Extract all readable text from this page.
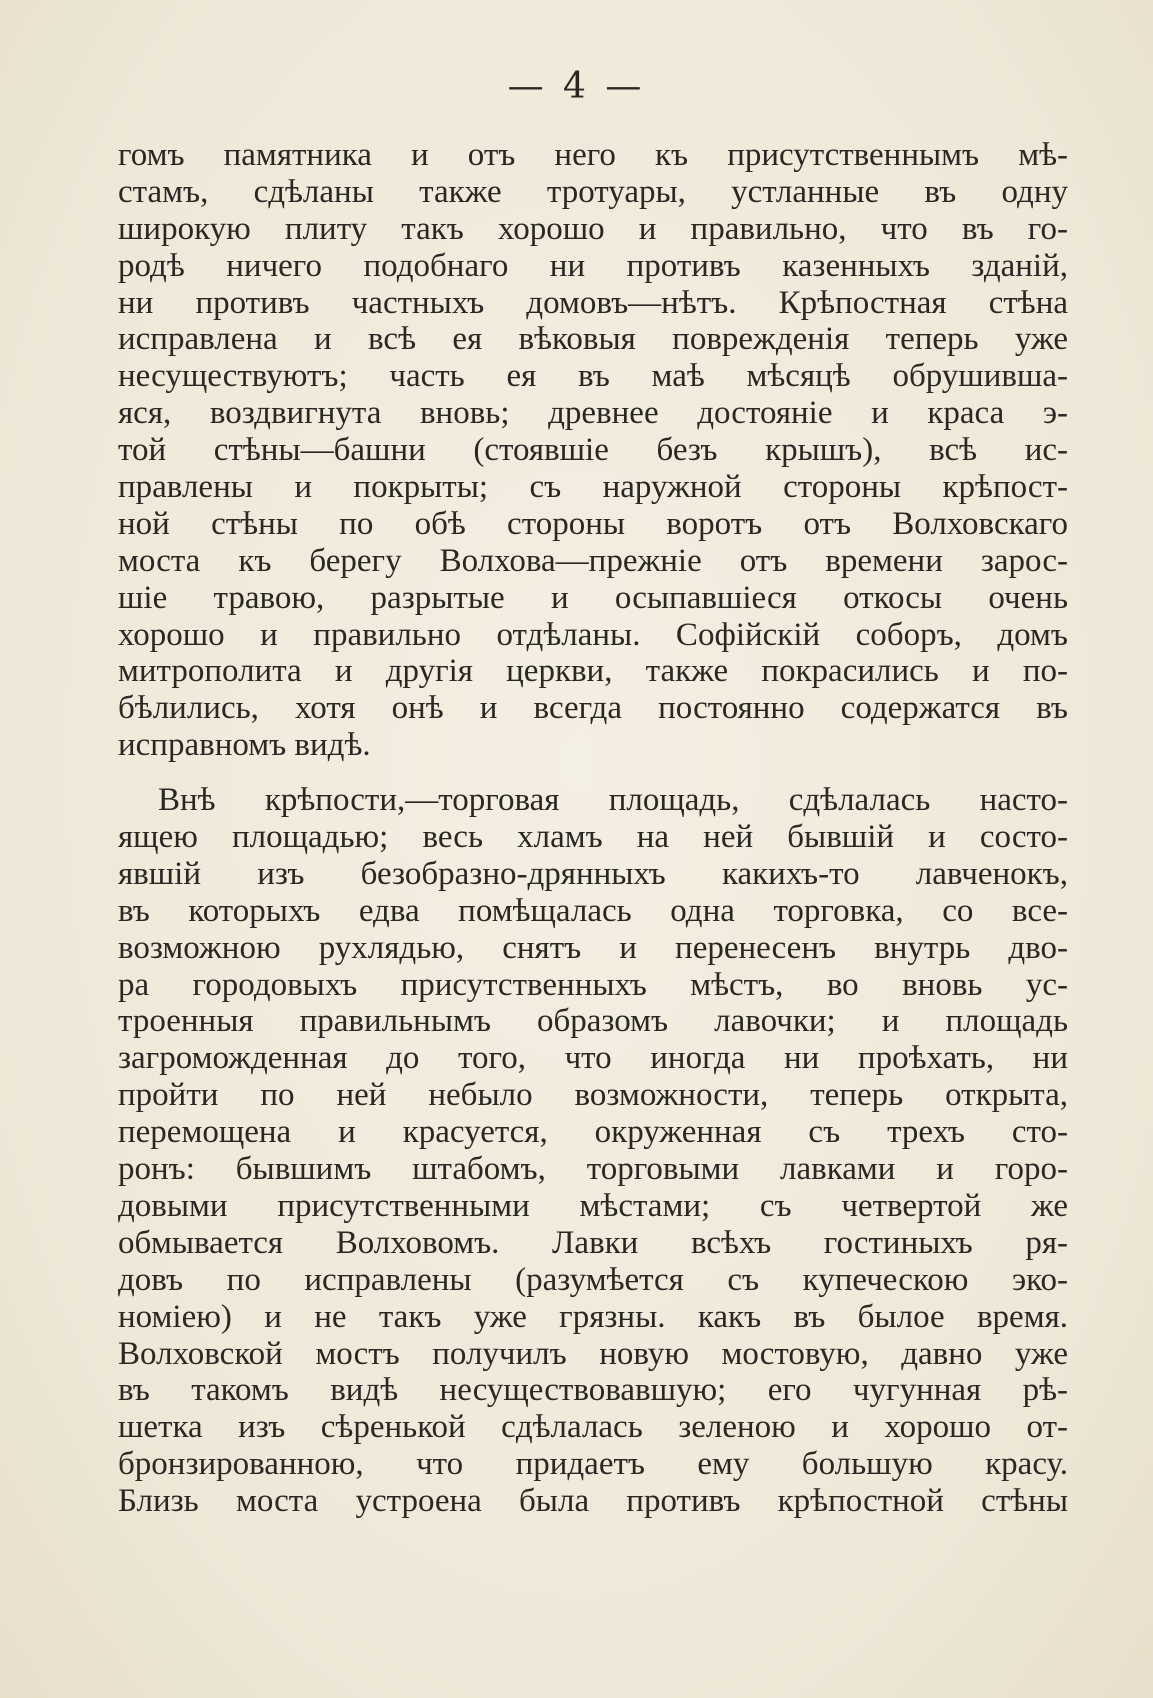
— 4 —

гомъ памятника и отъ него къ присутственнымъ мѣ-
стамъ, сдѣланы также тротуары, устланные въ одну
широкую плиту такъ хорошо и правильно, что въ го-
родѣ ничего подобнаго ни противъ казенныхъ зданій,
ни противъ частныхъ домовъ—нѣтъ. Крѣпостная стѣна
исправлена и всѣ ея вѣковыя поврежденія теперь уже
несуществуютъ; часть ея въ маѣ мѣсяцѣ обрушивша-
яся, воздвигнута вновь; древнее достояніе и краса э-
той стѣны—башни (стоявшіе безъ крышъ), всѣ ис-
правлены и покрыты; съ наружной стороны крѣпост-
ной стѣны по обѣ стороны воротъ отъ Волховскаго
моста къ берегу Волхова—прежніе отъ времени зарос-
шіе травою, разрытые и осыпавшіеся откосы очень
хорошо и правильно отдѣланы. Софійскій соборъ, домъ
митрополита и другія церкви, также покрасились и по-
бѣлились, хотя онѣ и всегда постоянно содержатся въ
исправномъ видѣ.

Внѣ крѣпости,—торговая площадь, сдѣлалась насто-
ящею площадью; весь хламъ на ней бывшій и состо-
явшій изъ безобразно-дрянныхъ какихъ-то лавченокъ,
въ которыхъ едва помѣщалась одна торговка, со все-
возможною рухлядью, снятъ и перенесенъ внутрь дво-
ра городовыхъ присутственныхъ мѣстъ, во вновь ус-
троенныя правильнымъ образомъ лавочки; и площадь
загроможденная до того, что иногда ни проѣхать, ни
пройти по ней небыло возможности, теперь открыта,
перемощена и красуется, окруженная съ трехъ сто-
ронъ: бывшимъ штабомъ, торговыми лавками и горо-
довыми присутственными мѣстами; съ четвертой же
обмывается Волховомъ. Лавки всѣхъ гостиныхъ ря-
довъ по исправлены (разумѣется съ купеческою эко-
номіею) и не такъ уже грязны. какъ въ былое время.
Волховской мостъ получилъ новую мостовую, давно уже
въ такомъ видѣ несуществовавшую; его чугунная рѣ-
шетка изъ сѣренькой сдѣлалась зеленою и хорошо от-
бронзированною, что придаетъ ему большую красу.
Близь моста устроена была противъ крѣпостной стѣны
